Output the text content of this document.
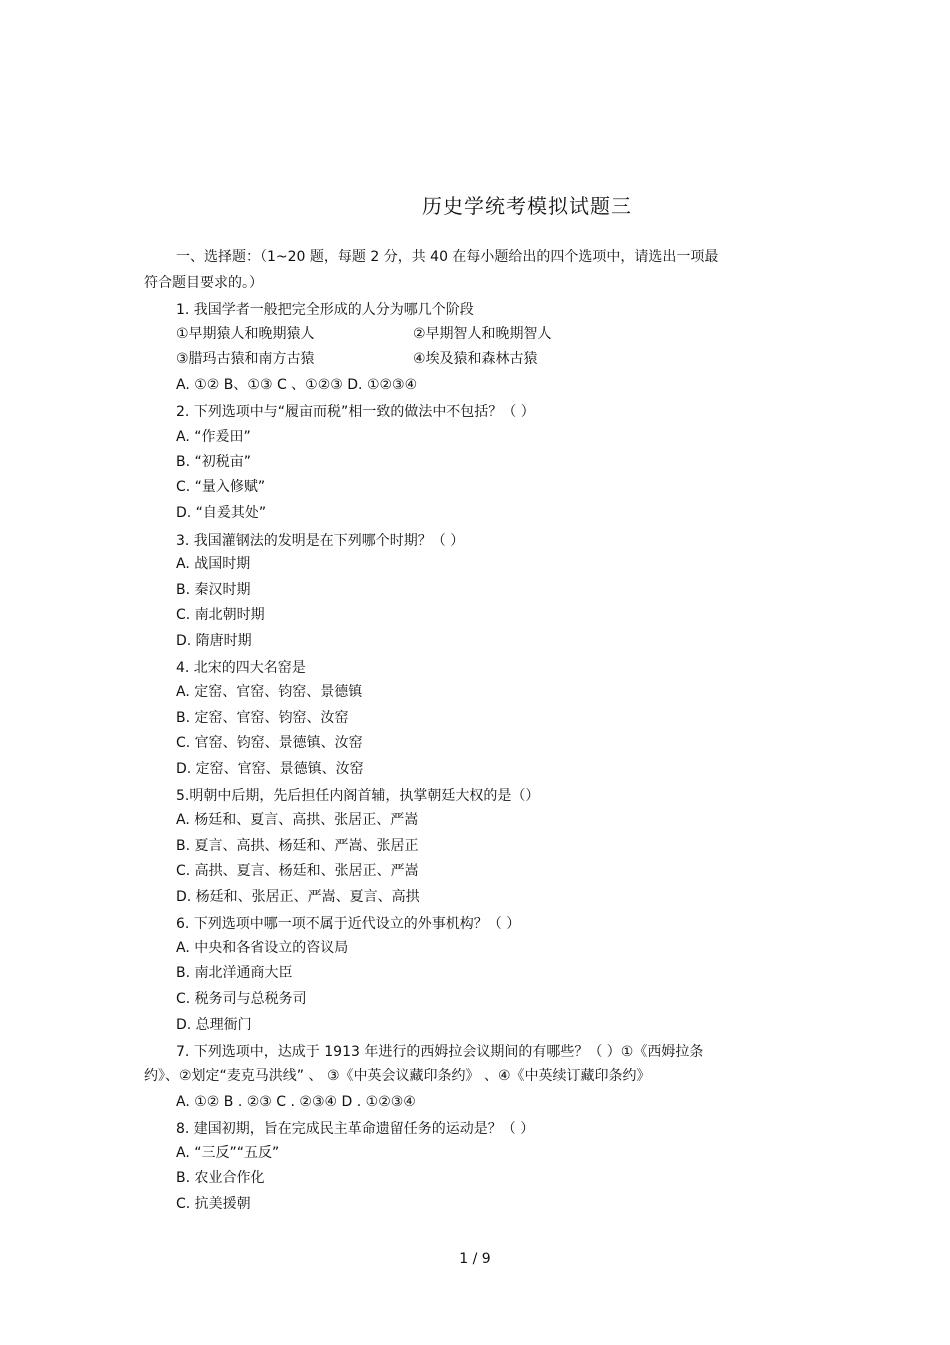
历史学统考模拟试题三
一、选择题：（1~20 题，每题 2 分，共 40 在每小题给出的四个选项中，请选出一项最
符合题目要求的。）
1. 我国学者一般把完全形成的人分为哪几个阶段
①早期猿人和晚期猿人	②早期智人和晚期智人
③腊玛古猿和南方古猿	④埃及猿和森林古猿
A. ①② B、①③ C 、①②③ D. ①②③④
2. 下列选项中与“履亩而税”相一致的做法中不包括？（ ）
A. “作爰田”
B. “初税亩”
C. “量入修赋”
D. “自爰其处”
3. 我国灌钢法的发明是在下列哪个时期？（ ）
A. 战国时期
B. 秦汉时期
C. 南北朝时期
D. 隋唐时期
4. 北宋的四大名窑是
A. 定窑、官窑、钧窑、景德镇
B. 定窑、官窑、钧窑、汝窑
C. 官窑、钧窑、景德镇、汝窑
D. 定窑、官窑、景德镇、汝窑
5.明朝中后期，先后担任内阁首辅，执掌朝廷大权的是（）
A. 杨廷和、夏言、高拱、张居正、严嵩
B. 夏言、高拱、杨廷和、严嵩、张居正
C. 高拱、夏言、杨廷和、张居正、严嵩
D. 杨廷和、张居正、严嵩、夏言、高拱
6. 下列选项中哪一项不属于近代设立的外事机构？（ ）
A. 中央和各省设立的咨议局
B. 南北洋通商大臣
C. 税务司与总税务司
D. 总理衙门
7. 下列选项中，达成于 1913 年进行的西姆拉会议期间的有哪些？（ ）①《西姆拉条
约》、②划定“麦克马洪线” 、 ③《中英会议藏印条约》 、④《中英续订藏印条约》
A. ①② B . ②③ C . ②③④ D . ①②③④
8. 建国初期，旨在完成民主革命遗留任务的运动是？（ ）
A. “三反”“五反”
B. 农业合作化
C. 抗美援朝
1 / 9
